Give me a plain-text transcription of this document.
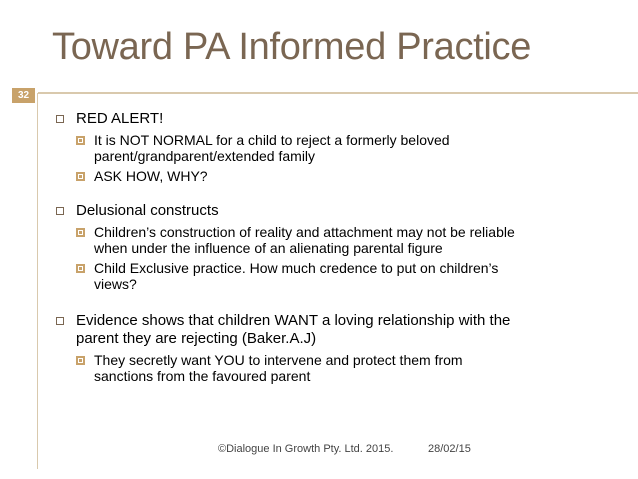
Toward PA Informed Practice
32
RED ALERT!
It is NOT NORMAL for a child to reject a formerly beloved
parent/grandparent/extended family
ASK HOW, WHY?
Delusional constructs
Children’s construction of reality and attachment may not be reliable
when under the influence of an alienating parental figure
Child Exclusive practice. How much credence to put on children’s
views?
Evidence shows that children WANT a loving relationship with the
parent they are rejecting (Baker.A.J)
They secretly want YOU to intervene and protect them from
sanctions from the favoured parent
©Dialogue In Growth Pty. Ltd. 2015.	28/02/15
